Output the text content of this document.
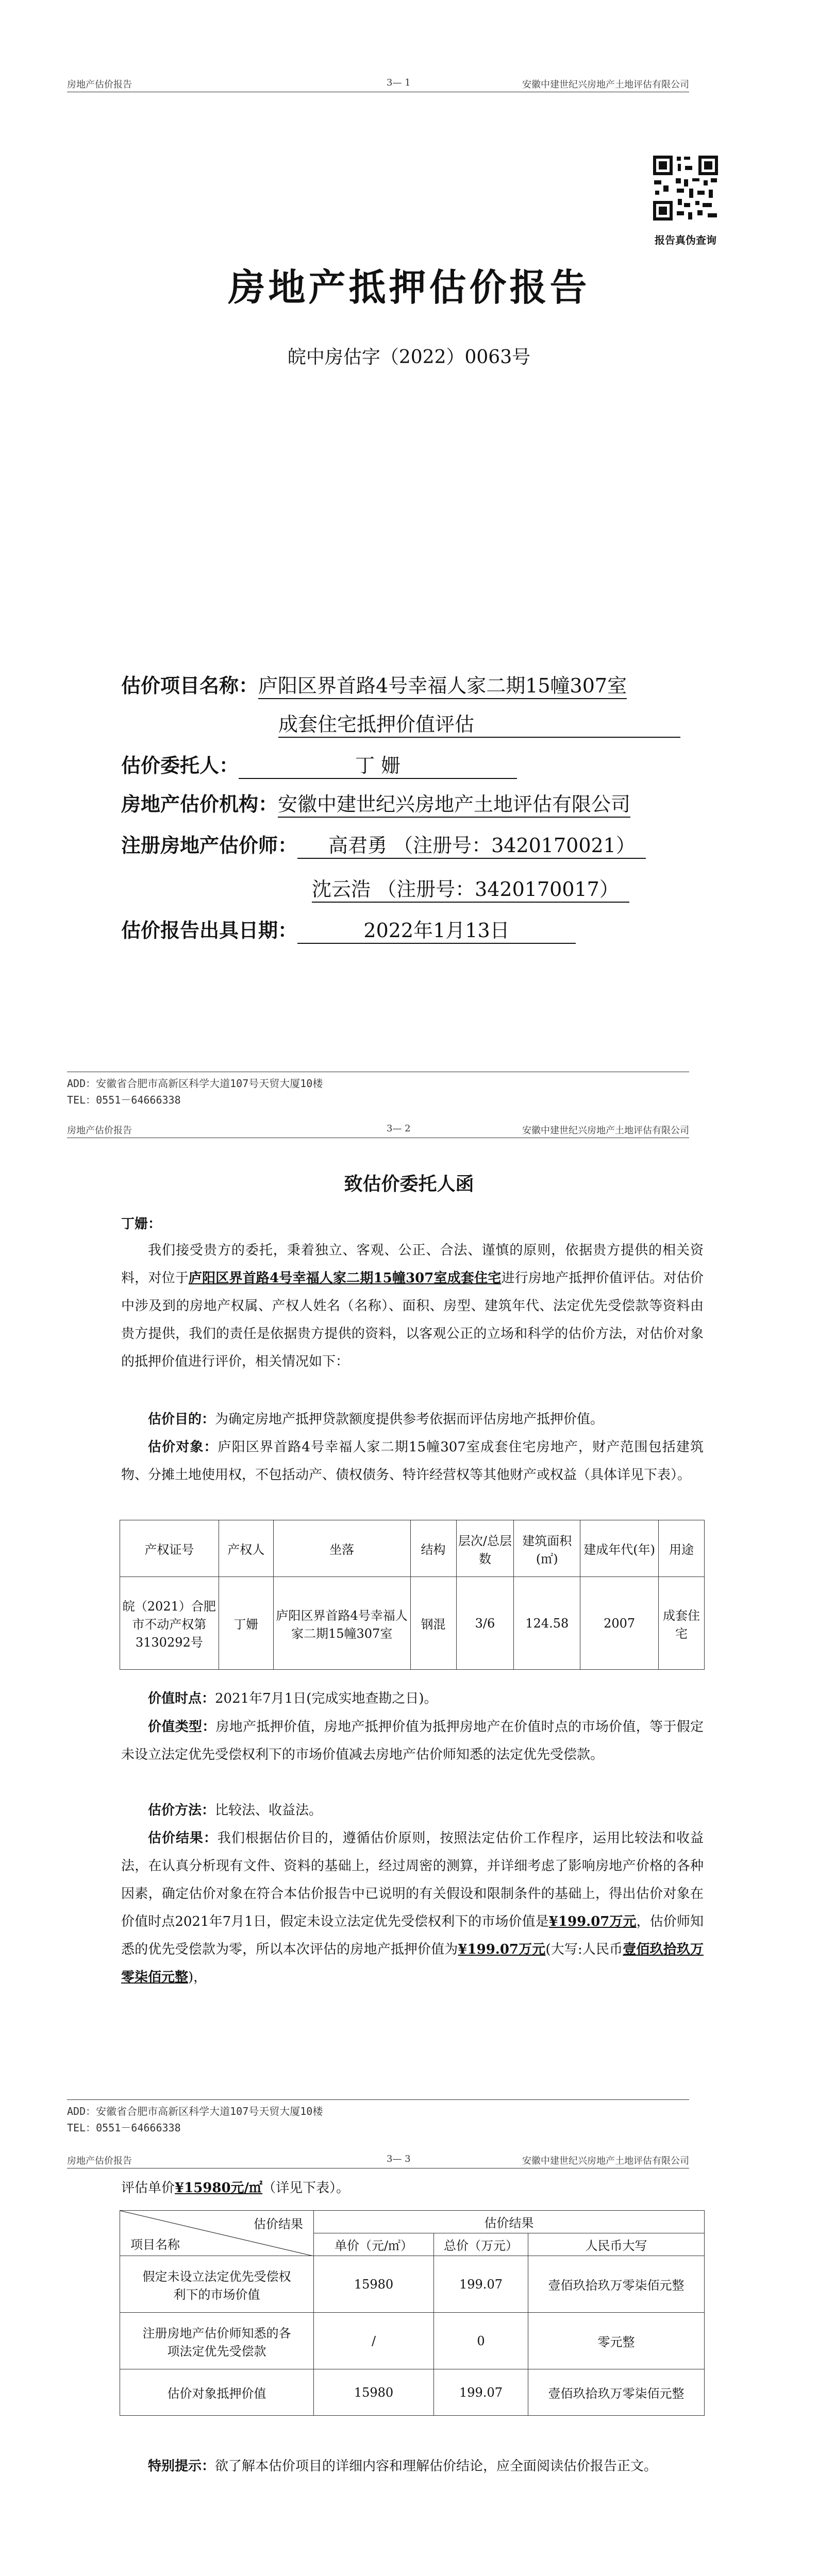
房地产估价报告	3— 1	安徽中建世纪兴房地产土地评估有限公司
报告真伪查询
房地产抵押估价报告
皖中房估字（2022）0063号
估价项目名称：庐阳区界首路4号幸福人家二期15幢307室
成套住宅抵押价值评估
估价委托人：	丁 姗
房地产估价机构：安徽中建世纪兴房地产土地评估有限公司
注册房地产估价师： 高君勇 （注册号：3420170021）
沈云浩 （注册号：3420170017）
估价报告出具日期：	2022年1月13日
ADD：安徽省合肥市高新区科学大道107号天贸大厦10楼
TEL：0551－64666338
房地产估价报告	3— 2	安徽中建世纪兴房地产土地评估有限公司
致估价委托人函
丁姗：

我们接受贵方的委托，秉着独立、客观、公正、合法、谨慎的原则，依据贵方提供的相关资料，对位于庐阳区界首路4号幸福人家二期15幢307室成套住宅进行房地产抵押价值评估。对估价中涉及到的房地产权属、产权人姓名（名称）、面积、房型、建筑年代、法定优先受偿款等资料由贵方提供，我们的责任是依据贵方提供的资料，以客观公正的立场和科学的估价方法，对估价对象的抵押价值进行评价，相关情况如下：

估价目的：为确定房地产抵押贷款额度提供参考依据而评估房地产抵押价值。

估价对象：庐阳区界首路4号幸福人家二期15幢307室成套住宅房地产，财产范围包括建筑物、分摊土地使用权，不包括动产、债权债务、特许经营权等其他财产或权益（具体详见下表）。

产权证号	产权人	坐落	结构	层次/总层数	建筑面积(㎡)	建成年代(年)	用途
皖（2021）合肥市不动产权第3130292号	丁姗	庐阳区界首路4号幸福人家二期15幢307室	钢混	3/6	124.58	2007	成套住宅

价值时点：2021年7月1日(完成实地查勘之日)。

价值类型：房地产抵押价值，房地产抵押价值为抵押房地产在价值时点的市场价值，等于假定未设立法定优先受偿权利下的市场价值减去房地产估价师知悉的法定优先受偿款。

估价方法：比较法、收益法。

估价结果：我们根据估价目的，遵循估价原则，按照法定估价工作程序，运用比较法和收益法，在认真分析现有文件、资料的基础上，经过周密的测算，并详细考虑了影响房地产价格的各种因素，确定估价对象在符合本估价报告中已说明的有关假设和限制条件的基础上，得出估价对象在价值时点2021年7月1日，假定未设立法定优先受偿权利下的市场价值是¥199.07万元，估价师知悉的优先受偿款为零，所以本次评估的房地产抵押价值为¥199.07万元(大写:人民币壹佰玖拾玖万零柒佰元整)，

ADD：安徽省合肥市高新区科学大道107号天贸大厦10楼
TEL：0551－64666338
房地产估价报告	3— 3	安徽中建世纪兴房地产土地评估有限公司

评估单价¥15980元/㎡（详见下表）。

估价结果
项目名称	估价结果		
	单价（元/㎡）	总价（万元）	人民币大写
假定未设立法定优先受偿权利下的市场价值	15980	199.07	壹佰玖拾玖万零柒佰元整
注册房地产估价师知悉的各项法定优先受偿款	/	0	零元整
估价对象抵押价值	15980	199.07	壹佰玖拾玖万零柒佰元整

特别提示：欲了解本估价项目的详细内容和理解估价结论，应全面阅读估价报告正文。
